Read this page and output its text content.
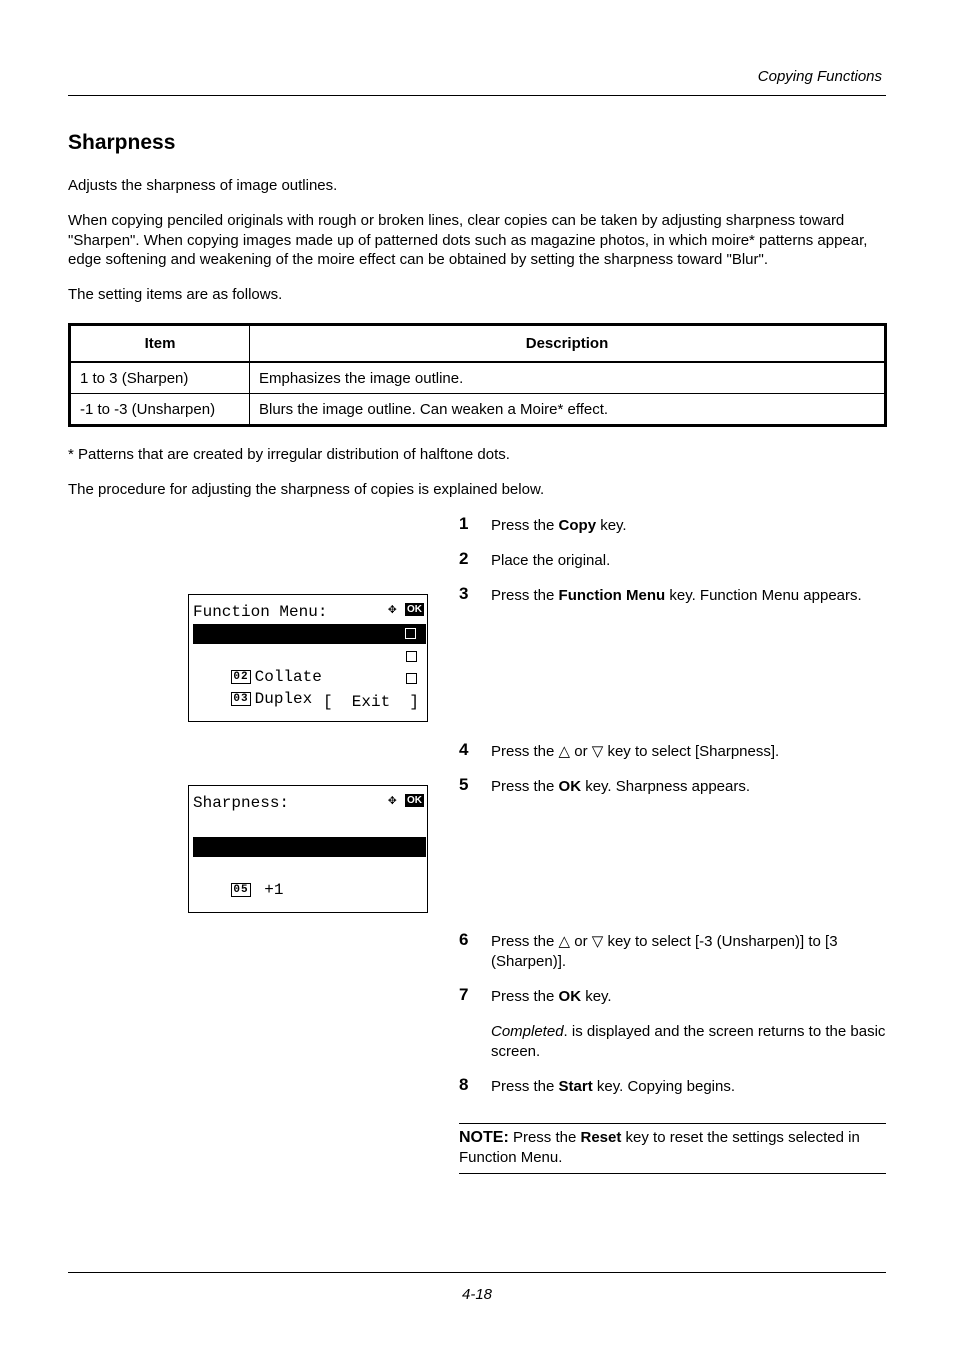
Copying Functions
Sharpness

Adjusts the sharpness of image outlines.

When copying penciled originals with rough or broken lines, clear copies can be taken by adjusting sharpness toward "Sharpen". When copying images made up of patterned dots such as magazine photos, in which moire* patterns appear, edge softening and weakening of the moire effect can be obtained by setting the sharpness toward "Blur".

The setting items are as follows.

Item	Description
1 to 3 (Sharpen)	Emphasizes the image outline.
-1 to -3 (Unsharpen)	Blurs the image outline. Can weaken a Moire* effect.

* Patterns that are created by irregular distribution of halftone dots.

The procedure for adjusting the sharpness of copies is explained below.

1 Press the Copy key.

2 Place the original.

3 Press the Function Menu key. Function Menu appears.

4 Press the △ or ▽ key to select [Sharpness].

5 Press the OK key. Sharpness appears.

6 Press the △ or ▽ key to select [-3 (Unsharpen)] to [3 (Sharpen)].

7 Press the OK key.

Completed. is displayed and the screen returns to the basic screen.

8 Press the Start key. Copying begins.

NOTE: Press the Reset key to reset the settings selected in Function Menu.
Function Menu:	✥ OK

01 Paper Selection

02 Collate

03 Duplex

[  Exit  ]
Sharpness:	✥ OK

04 *0

05 +1

4-18
